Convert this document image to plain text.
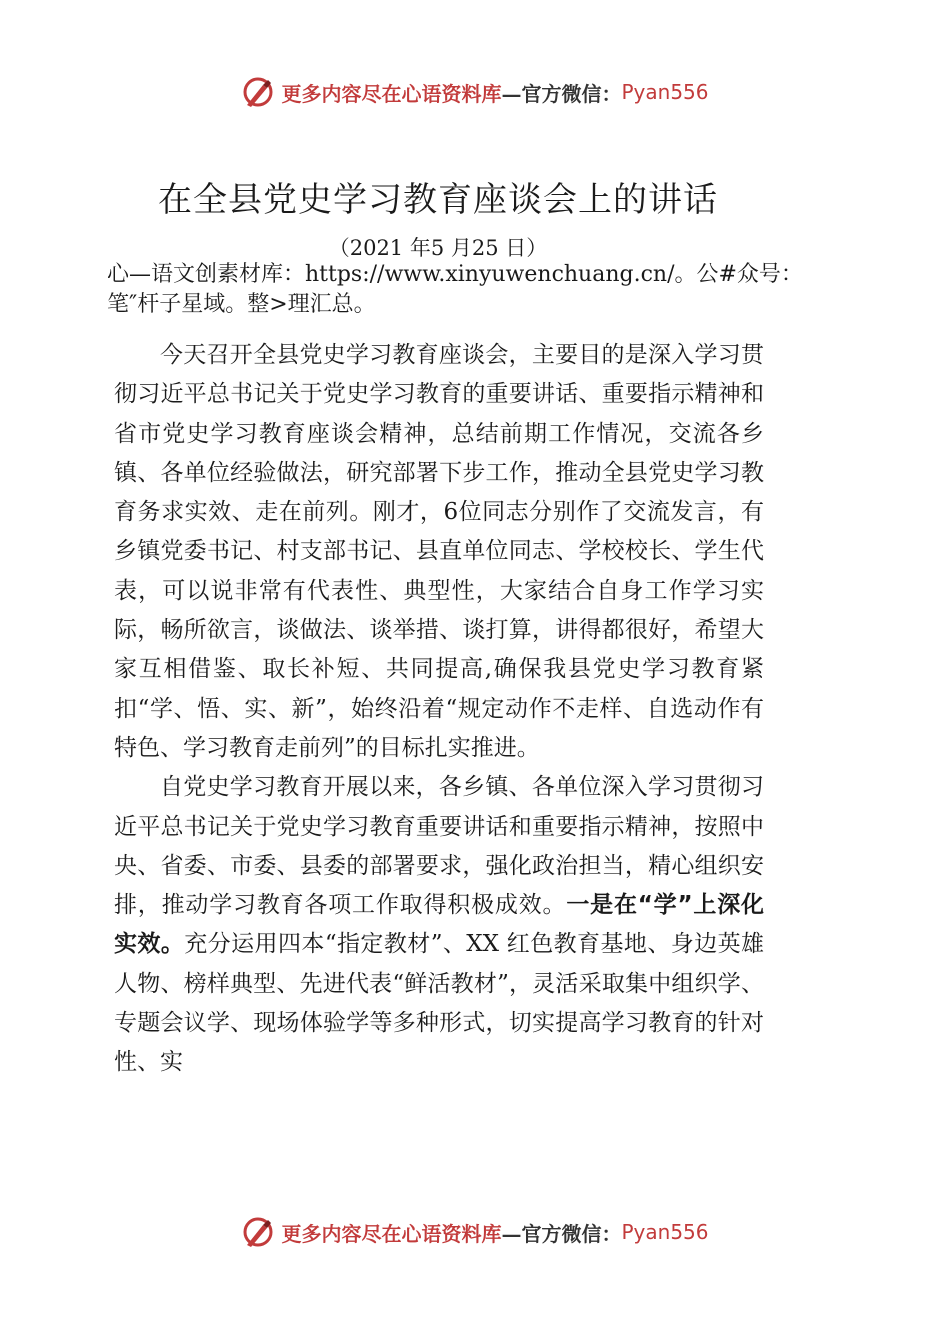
更多内容尽在心语资料库 —官方微信： Pyan556
在全县党史学习教育座谈会上的讲话
（2021 年5 月25 日）
心—语文创素材库：https://www.xinyuwenchuang.cn/。公#众号：笔″杆子星域。整>理汇总。

今天召开全县党史学习教育座谈会，主要目的是深入学习贯彻习近平总书记关于党史学习教育的重要讲话、重要指示精神和省市党史学习教育座谈会精神，总结前期工作情况，交流各乡镇、各单位经验做法，研究部署下步工作，推动全县党史学习教育务求实效、走在前列。刚才，6位同志分别作了交流发言，有乡镇党委书记、村支部书记、县直单位同志、学校校长、学生代表，可以说非常有代表性、典型性，大家结合自身工作学习实际，畅所欲言，谈做法、谈举措、谈打算，讲得都很好，希望大家互相借鉴、取长补短、共同提高,确保我县党史学习教育紧扣“学、悟、实、新”，始终沿着“规定动作不走样、自选动作有特色、学习教育走前列”的目标扎实推进。

自党史学习教育开展以来，各乡镇、各单位深入学习贯彻习近平总书记关于党史学习教育重要讲话和重要指示精神，按照中央、省委、市委、县委的部署要求，强化政治担当，精心组织安排，推动学习教育各项工作取得积极成效。一是在“学”上深化实效。充分运用四本“指定教材”、XX 红色教育基地、身边英雄人物、榜样典型、先进代表“鲜活教材”，灵活采取集中组织学、专题会议学、现场体验学等多种形式，切实提高学习教育的针对性、实

更多内容尽在心语资料库 —官方微信： Pyan556
